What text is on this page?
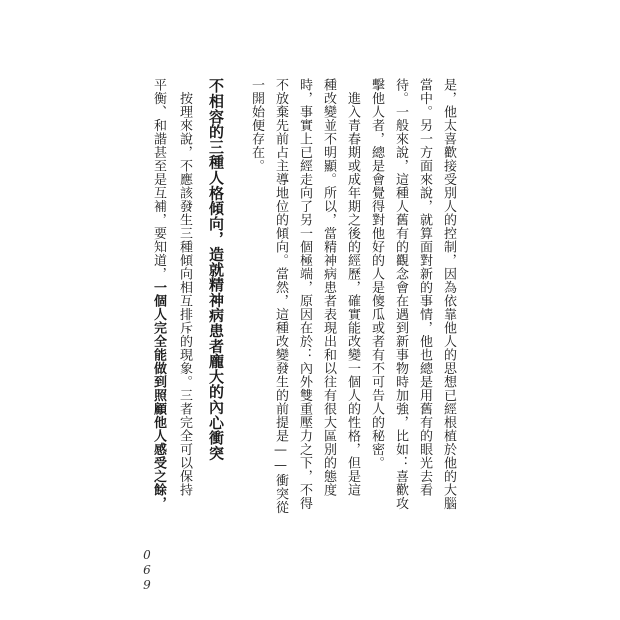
是，他太喜歡接受別人的控制，因為依靠他人的思想已經根植於他的大腦
當中。另一方面來說，就算面對新的事情，他也總是用舊有的眼光去看
待。一般來說，這種人舊有的觀念會在遇到新事物時加強，比如：喜歡攻
擊他人者，總是會覺得對他好的人是傻瓜或者有不可告人的秘密。
　進入青春期或成年期之後的經歷，確實能改變一個人的性格，但是這
種改變並不明顯。所以，當精神病患者表現出和以往有很大區別的態度
時，事實上已經走向了另一個極端，原因在於：內外雙重壓力之下，不得
不放棄先前占主導地位的傾向。當然，這種改變發生的前提是——衝突從
一開始便存在。
不相容的三種人格傾向，造就精神病患者龐大的內心衝突
　按理來說，不應該發生三種傾向相互排斥的現象。三者完全可以保持
平衡、和諧甚至是互補，要知道，一個人完全能做到照顧他人感受之餘，
069
